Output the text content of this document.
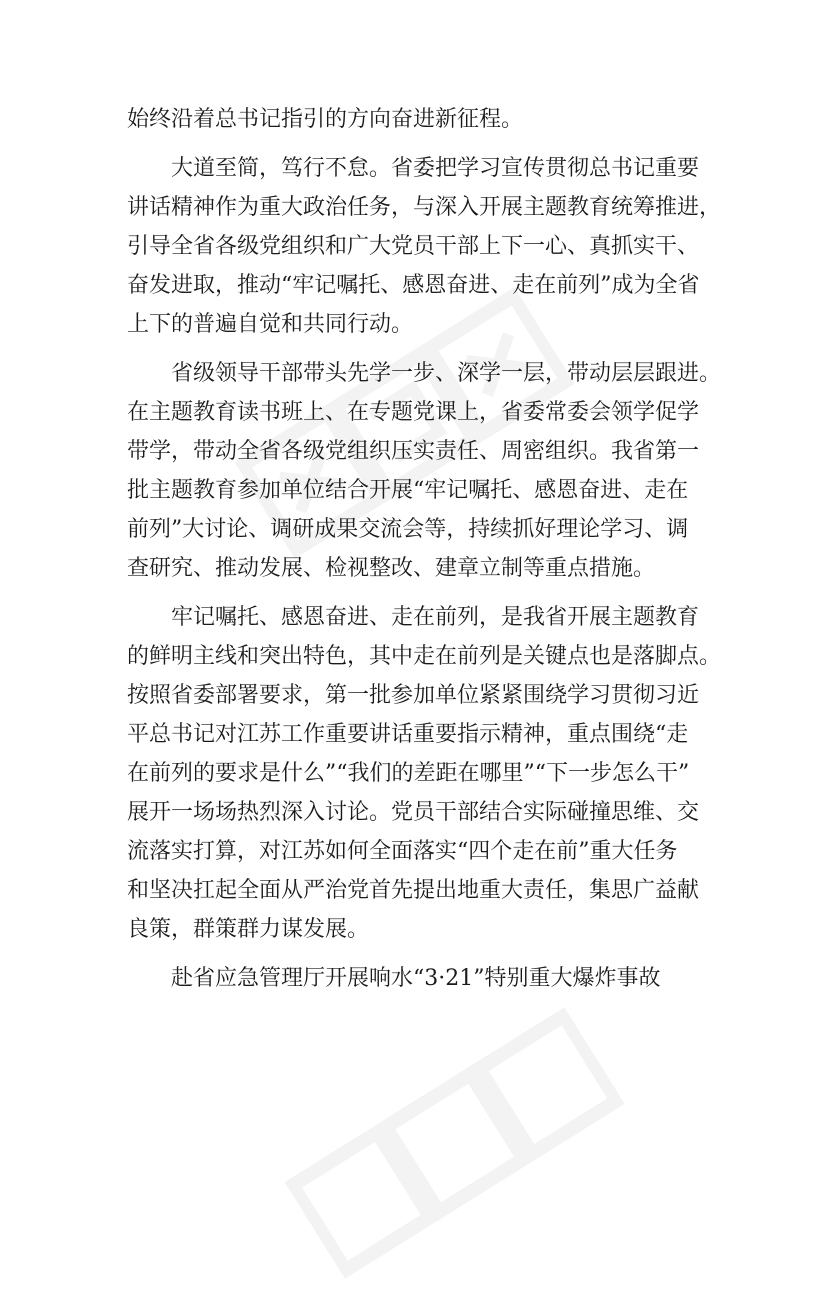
始终沿着总书记指引的方向奋进新征程。
　　大道至简，笃行不怠。省委把学习宣传贯彻总书记重要
讲话精神作为重大政治任务，与深入开展主题教育统筹推进，
引导全省各级党组织和广大党员干部上下一心、真抓实干、
奋发进取，推动“牢记嘱托、感恩奋进、走在前列”成为全省
上下的普遍自觉和共同行动。
　　省级领导干部带头先学一步、深学一层，带动层层跟进。
在主题教育读书班上、在专题党课上，省委常委会领学促学
带学，带动全省各级党组织压实责任、周密组织。我省第一
批主题教育参加单位结合开展“牢记嘱托、感恩奋进、走在
前列”大讨论、调研成果交流会等，持续抓好理论学习、调
查研究、推动发展、检视整改、建章立制等重点措施。
　　牢记嘱托、感恩奋进、走在前列，是我省开展主题教育
的鲜明主线和突出特色，其中走在前列是关键点也是落脚点。
按照省委部署要求，第一批参加单位紧紧围绕学习贯彻习近
平总书记对江苏工作重要讲话重要指示精神，重点围绕“走
在前列的要求是什么”“我们的差距在哪里”“下一步怎么干”
展开一场场热烈深入讨论。党员干部结合实际碰撞思维、交
流落实打算，对江苏如何全面落实“四个走在前”重大任务
和坚决扛起全面从严治党首先提出地重大责任，集思广益献
良策，群策群力谋发展。
　　赴省应急管理厅开展响水“3·21”特别重大爆炸事故
